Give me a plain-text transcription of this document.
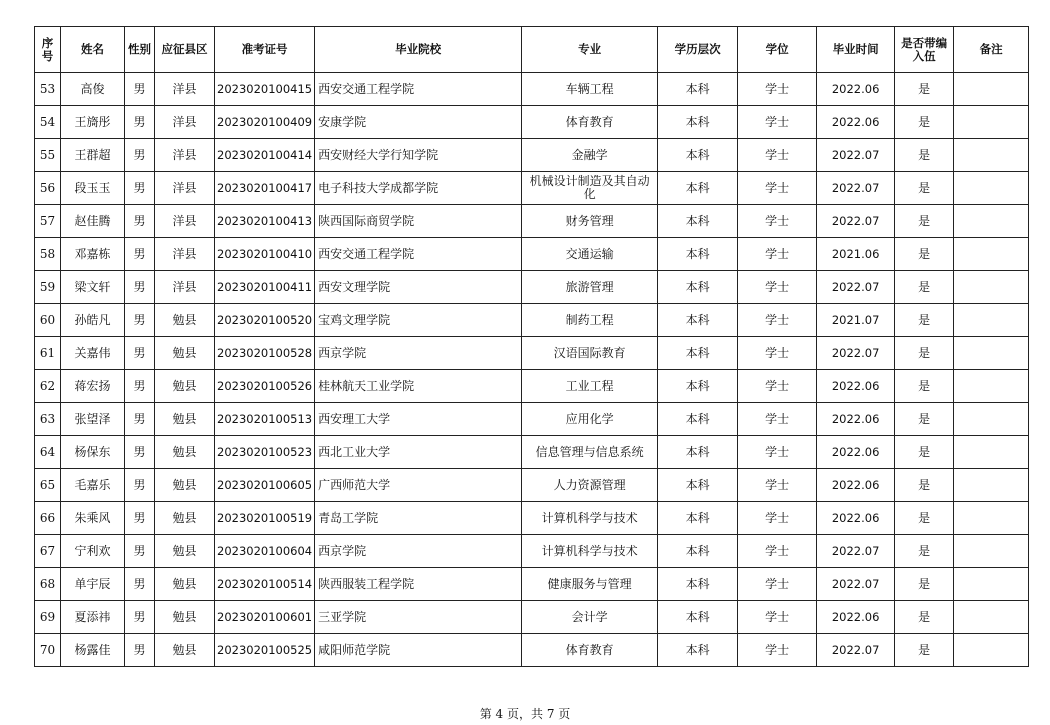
序号	姓名	性别	应征县区	准考证号	毕业院校	专业	学历层次	学位	毕业时间	是否带编入伍	备注
53	高俊	男	洋县	2023020100415	西安交通工程学院	车辆工程	本科	学士	2022.06	是	
54	王旖彤	男	洋县	2023020100409	安康学院	体育教育	本科	学士	2022.06	是	
55	王群超	男	洋县	2023020100414	西安财经大学行知学院	金融学	本科	学士	2022.07	是	
56	段玉玉	男	洋县	2023020100417	电子科技大学成都学院	机械设计制造及其自动化	本科	学士	2022.07	是	
57	赵佳腾	男	洋县	2023020100413	陕西国际商贸学院	财务管理	本科	学士	2022.07	是	
58	邓嘉栋	男	洋县	2023020100410	西安交通工程学院	交通运输	本科	学士	2021.06	是	
59	梁文轩	男	洋县	2023020100411	西安文理学院	旅游管理	本科	学士	2022.07	是	
60	孙皓凡	男	勉县	2023020100520	宝鸡文理学院	制药工程	本科	学士	2021.07	是	
61	关嘉伟	男	勉县	2023020100528	西京学院	汉语国际教育	本科	学士	2022.07	是	
62	蒋宏扬	男	勉县	2023020100526	桂林航天工业学院	工业工程	本科	学士	2022.06	是	
63	张望泽	男	勉县	2023020100513	西安理工大学	应用化学	本科	学士	2022.06	是	
64	杨保东	男	勉县	2023020100523	西北工业大学	信息管理与信息系统	本科	学士	2022.06	是	
65	毛嘉乐	男	勉县	2023020100605	广西师范大学	人力资源管理	本科	学士	2022.06	是	
66	朱乘风	男	勉县	2023020100519	青岛工学院	计算机科学与技术	本科	学士	2022.06	是	
67	宁利欢	男	勉县	2023020100604	西京学院	计算机科学与技术	本科	学士	2022.07	是	
68	单宇辰	男	勉县	2023020100514	陕西服装工程学院	健康服务与管理	本科	学士	2022.07	是	
69	夏添祎	男	勉县	2023020100601	三亚学院	会计学	本科	学士	2022.06	是	
70	杨露佳	男	勉县	2023020100525	咸阳师范学院	体育教育	本科	学士	2022.07	是	
第 4 页，共 7 页
